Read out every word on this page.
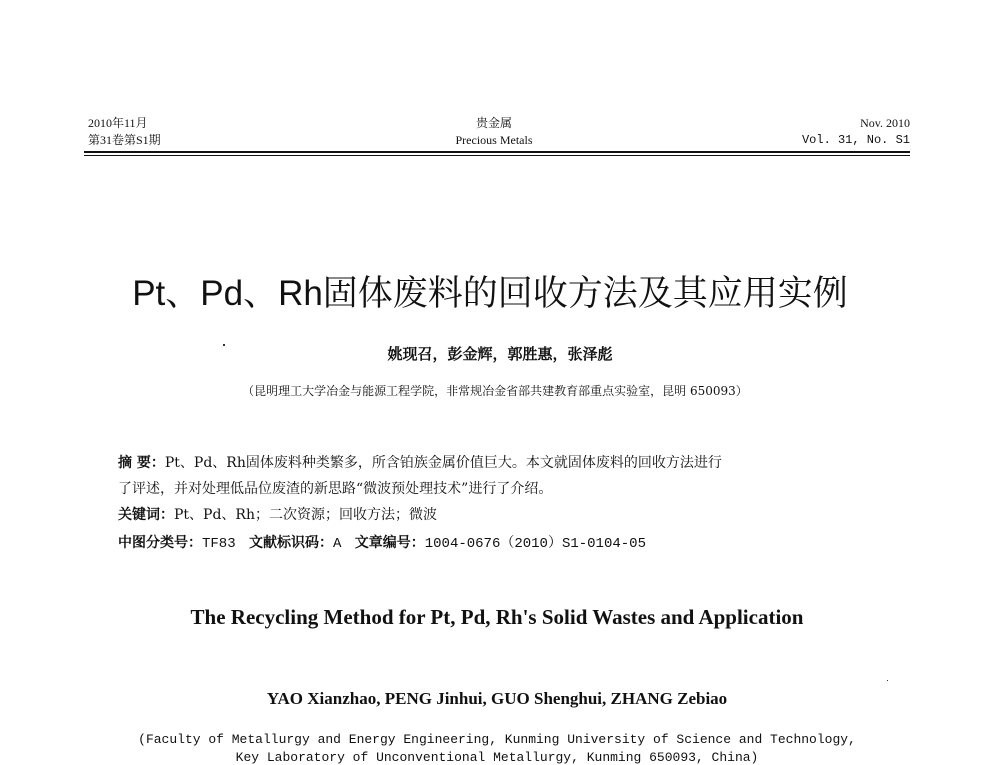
2010年11月
第31卷第S1期
贵金属
Precious Metals
Nov. 2010
Vol. 31, No. S1
Pt、Pd、Rh固体废料的回收方法及其应用实例
姚现召，彭金辉，郭胜惠，张泽彪
（昆明理工大学冶金与能源工程学院，非常规冶金省部共建教育部重点实验室，昆明 650093）
摘 要：Pt、Pd、Rh固体废料种类繁多，所含铂族金属价值巨大。本文就固体废料的回收方法进行
了评述，并对处理低品位废渣的新思路“微波预处理技术”进行了介绍。
关键词：Pt、Pd、Rh；二次资源；回收方法；微波
中图分类号：TF83 文献标识码：A 文章编号：1004-0676（2010）S1-0104-05
The Recycling Method for Pt, Pd, Rh's Solid Wastes and Application
YAO Xianzhao, PENG Jinhui, GUO Shenghui, ZHANG Zebiao
(Faculty of Metallurgy and Energy Engineering, Kunming University of Science and Technology,
Key Laboratory of Unconventional Metallurgy, Kunming 650093, China)
